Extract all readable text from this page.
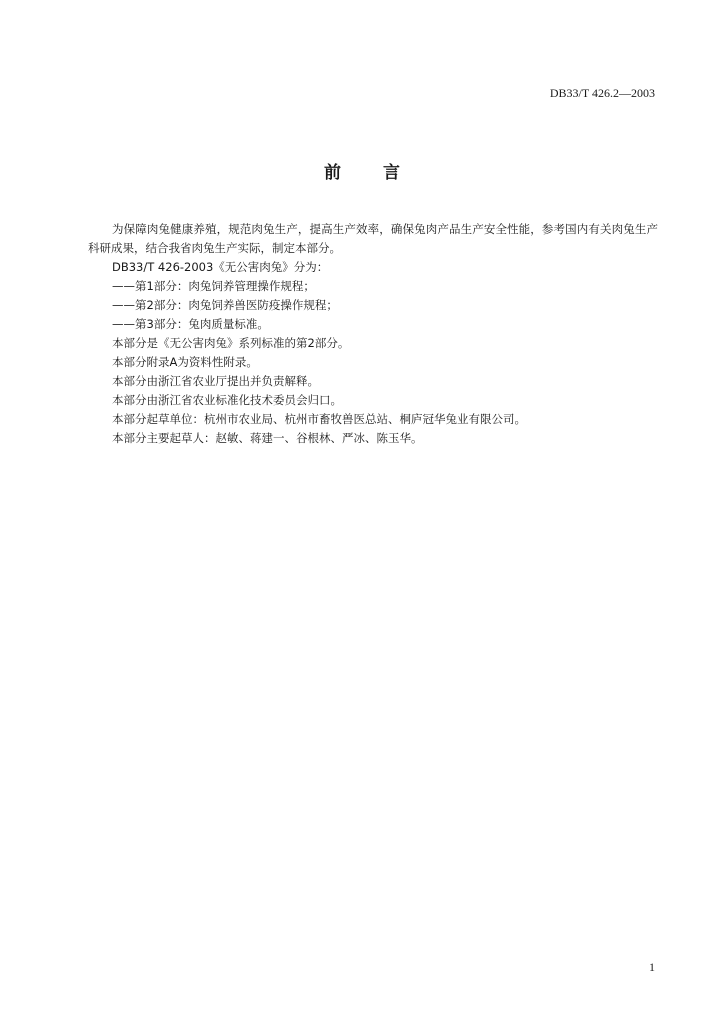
DB33/T 426.2—2003
前 言

为保障肉兔健康养殖，规范肉兔生产，提高生产效率，确保兔肉产品生产安全性能，参考国内有关肉兔生产科研成果，结合我省肉兔生产实际，制定本部分。

DB33/T 426-2003《无公害肉兔》分为：

——第1部分：肉兔饲养管理操作规程；

——第2部分：肉兔饲养兽医防疫操作规程；

——第3部分：兔肉质量标准。

本部分是《无公害肉兔》系列标准的第2部分。

本部分附录A为资料性附录。

本部分由浙江省农业厅提出并负责解释。

本部分由浙江省农业标准化技术委员会归口。

本部分起草单位：杭州市农业局、杭州市畜牧兽医总站、桐庐冠华兔业有限公司。

本部分主要起草人：赵敏、蒋建一、谷根林、严冰、陈玉华。

1
